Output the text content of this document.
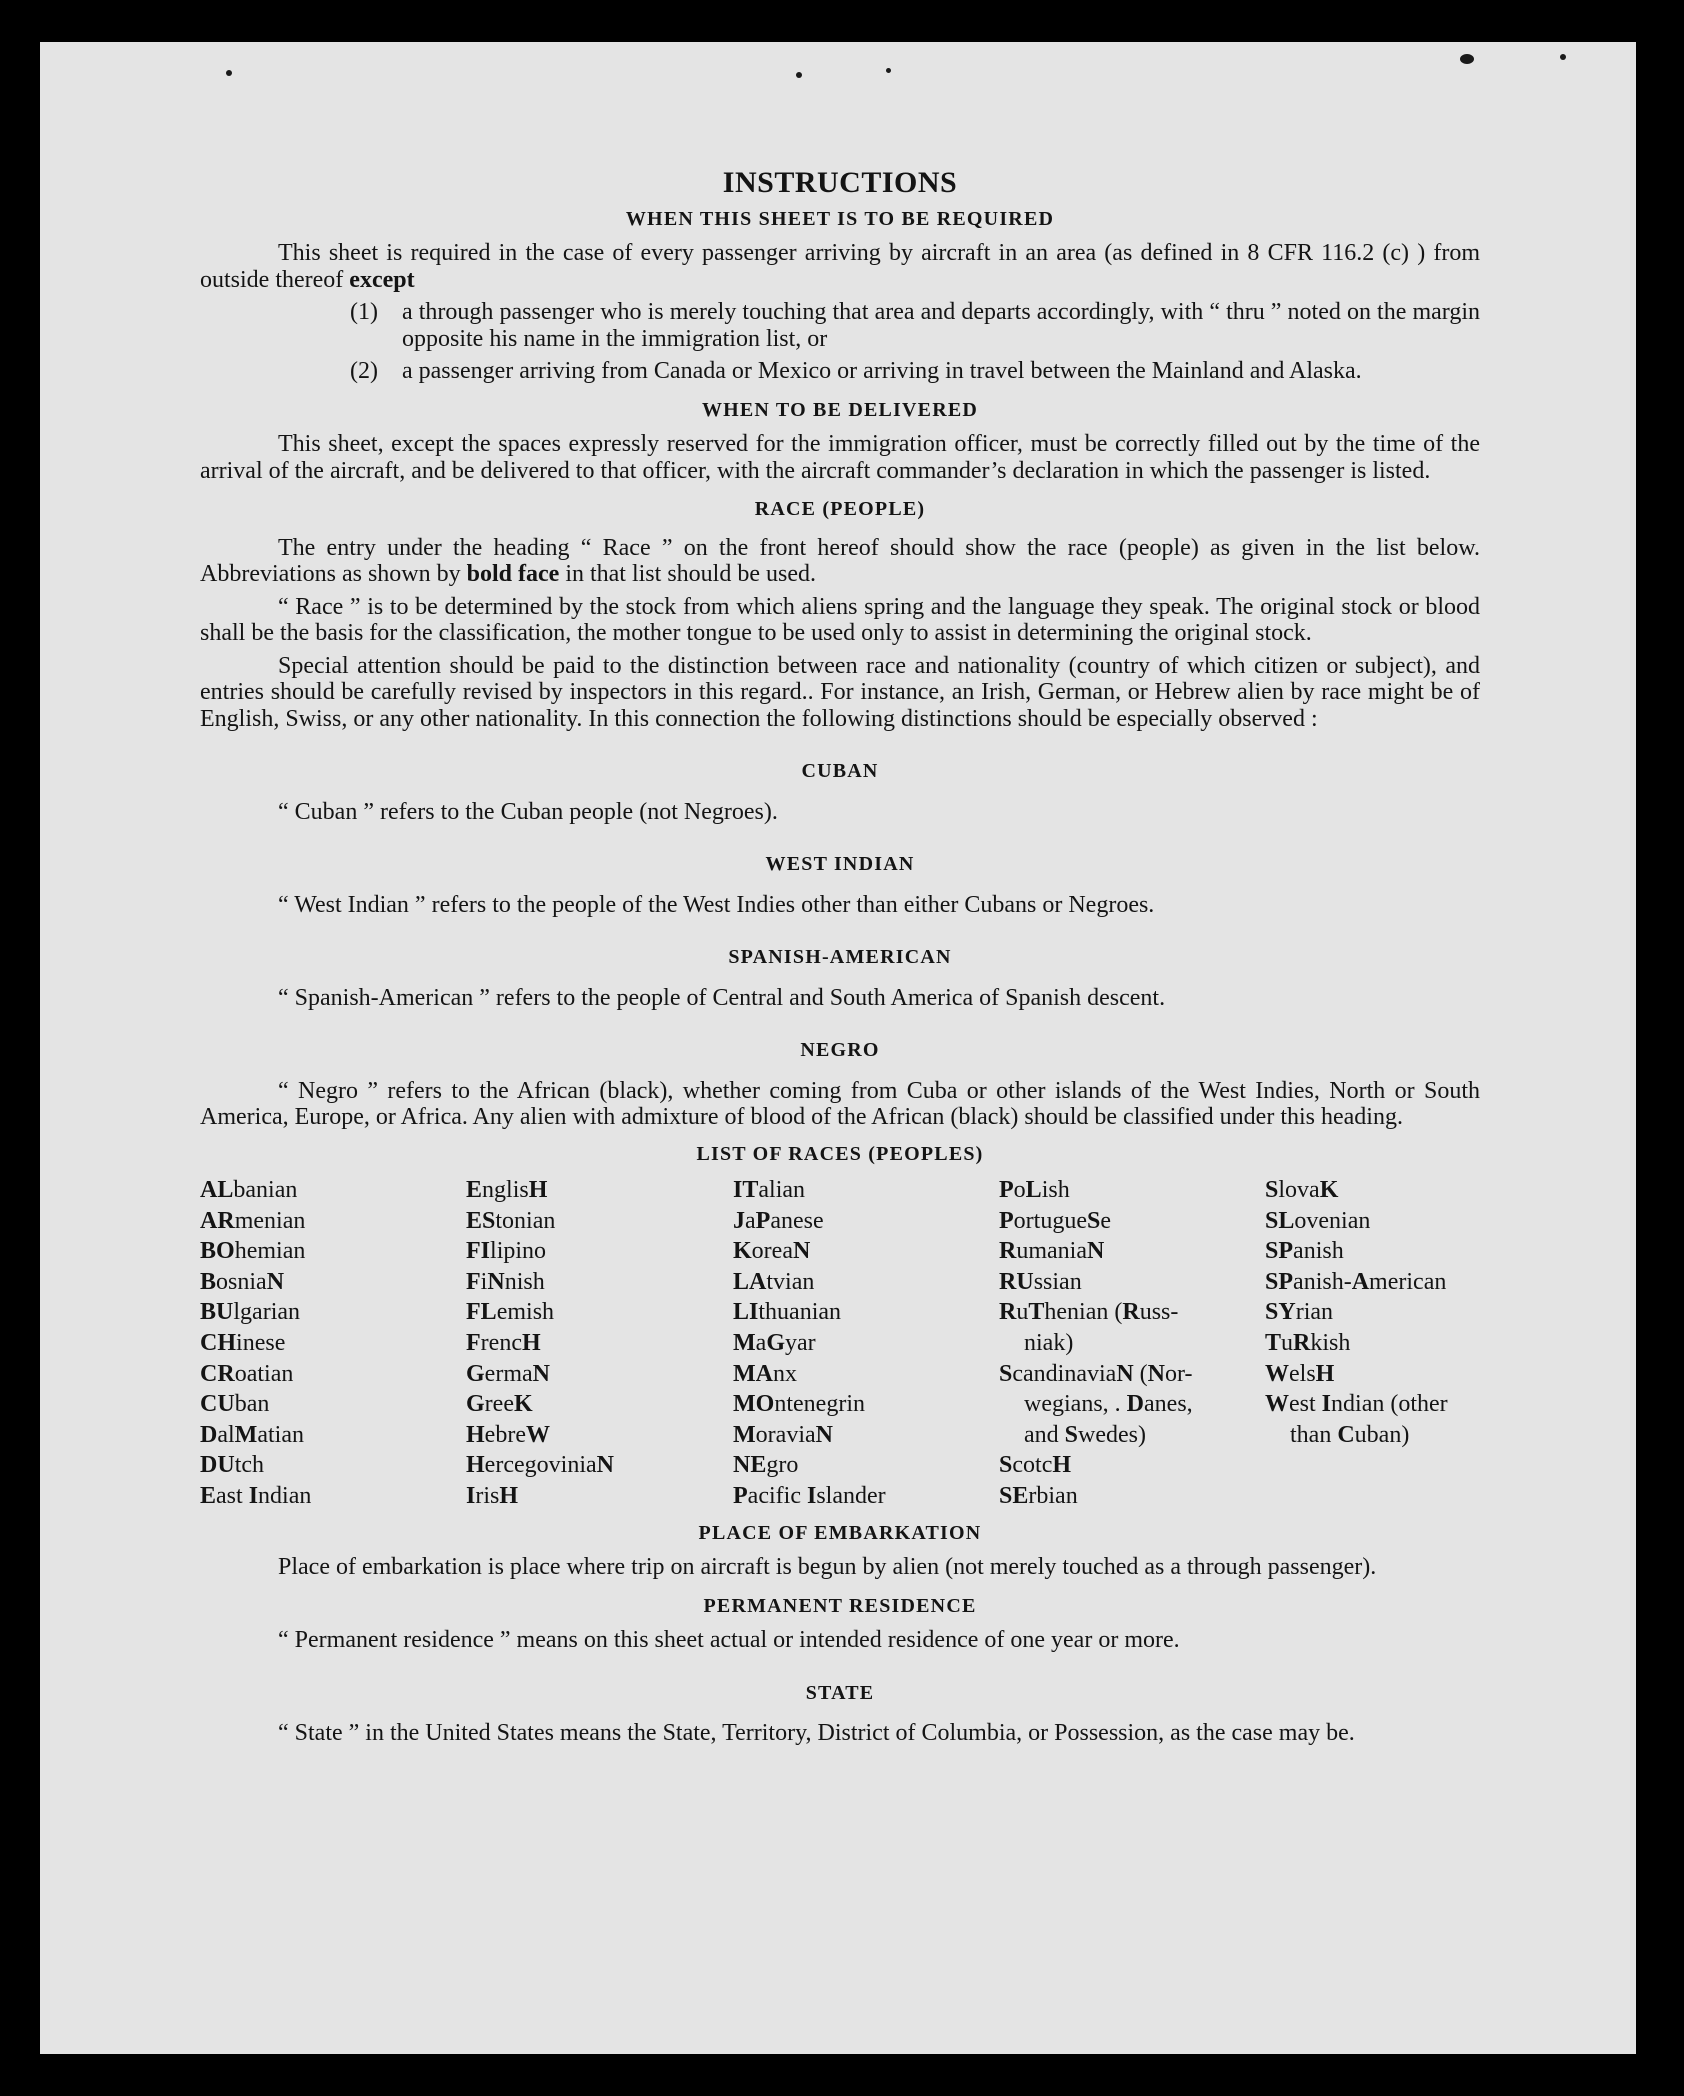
INSTRUCTIONS
WHEN THIS SHEET IS TO BE REQUIRED

This sheet is required in the case of every passenger arriving by aircraft in an area (as defined in 8 CFR 116.2 (c) ) from outside thereof except

(1)	a through passenger who is merely touching that area and departs accordingly, with “ thru ” noted on the margin opposite his name in the immigration list, or
(2)	a passenger arriving from Canada or Mexico or arriving in travel between the Mainland and Alaska.
WHEN TO BE DELIVERED

This sheet, except the spaces expressly reserved for the immigration officer, must be correctly filled out by the time of the arrival of the aircraft, and be delivered to that officer, with the aircraft commander’s declaration in which the passenger is listed.

RACE (PEOPLE)

The entry under the heading “ Race ” on the front hereof should show the race (people) as given in the list below. Abbreviations as shown by bold face in that list should be used.

“ Race ” is to be determined by the stock from which aliens spring and the language they speak. The original stock or blood shall be the basis for the classification, the mother tongue to be used only to assist in determining the original stock.

Special attention should be paid to the distinction between race and nationality (country of which citizen or subject), and entries should be carefully revised by inspectors in this regard.. For instance, an Irish, German, or Hebrew alien by race might be of English, Swiss, or any other nationality. In this connection the following distinctions should be especially observed :

CUBAN

“ Cuban ” refers to the Cuban people (not Negroes).

WEST INDIAN

“ West Indian ” refers to the people of the West Indies other than either Cubans or Negroes.

SPANISH-AMERICAN

“ Spanish-American ” refers to the people of Central and South America of Spanish descent.

NEGRO

“ Negro ” refers to the African (black), whether coming from Cuba or other islands of the West Indies, North or South America, Europe, or Africa. Any alien with admixture of blood of the African (black) should be classified under this heading.

LIST OF RACES (PEOPLES)
ALbanian
ARmenian
BOhemian
BosniaN
BUlgarian
CHinese
CRoatian
CUban
DalMatian
DUtch
East Indian
EnglisH
EStonian
FIlipino
FiNnish
FLemish
FrencH
GermaN
GreeK
HebreW
HercegoviniaN
IrisH
ITalian
JaPanese
KoreaN
LAtvian
LIthuanian
MaGyar
MAnx
MOntenegrin
MoraviaN
NEgro
Pacific Islander
PoLish
PortugueSe
RumaniaN
RUssian
RuThenian (Russ-
niak)
ScandinaviaN (Nor-
wegians, . Danes,
and Swedes)
ScotcH
SErbian
SlovaK
SLovenian
SPanish
SPanish-American
SYrian
TuRkish
WelsH
West Indian (other
than Cuban)
PLACE OF EMBARKATION

Place of embarkation is place where trip on aircraft is begun by alien (not merely touched as a through passenger).

PERMANENT RESIDENCE

“ Permanent residence ” means on this sheet actual or intended residence of one year or more.

STATE

“ State ” in the United States means the State, Territory, District of Columbia, or Possession, as the case may be.
